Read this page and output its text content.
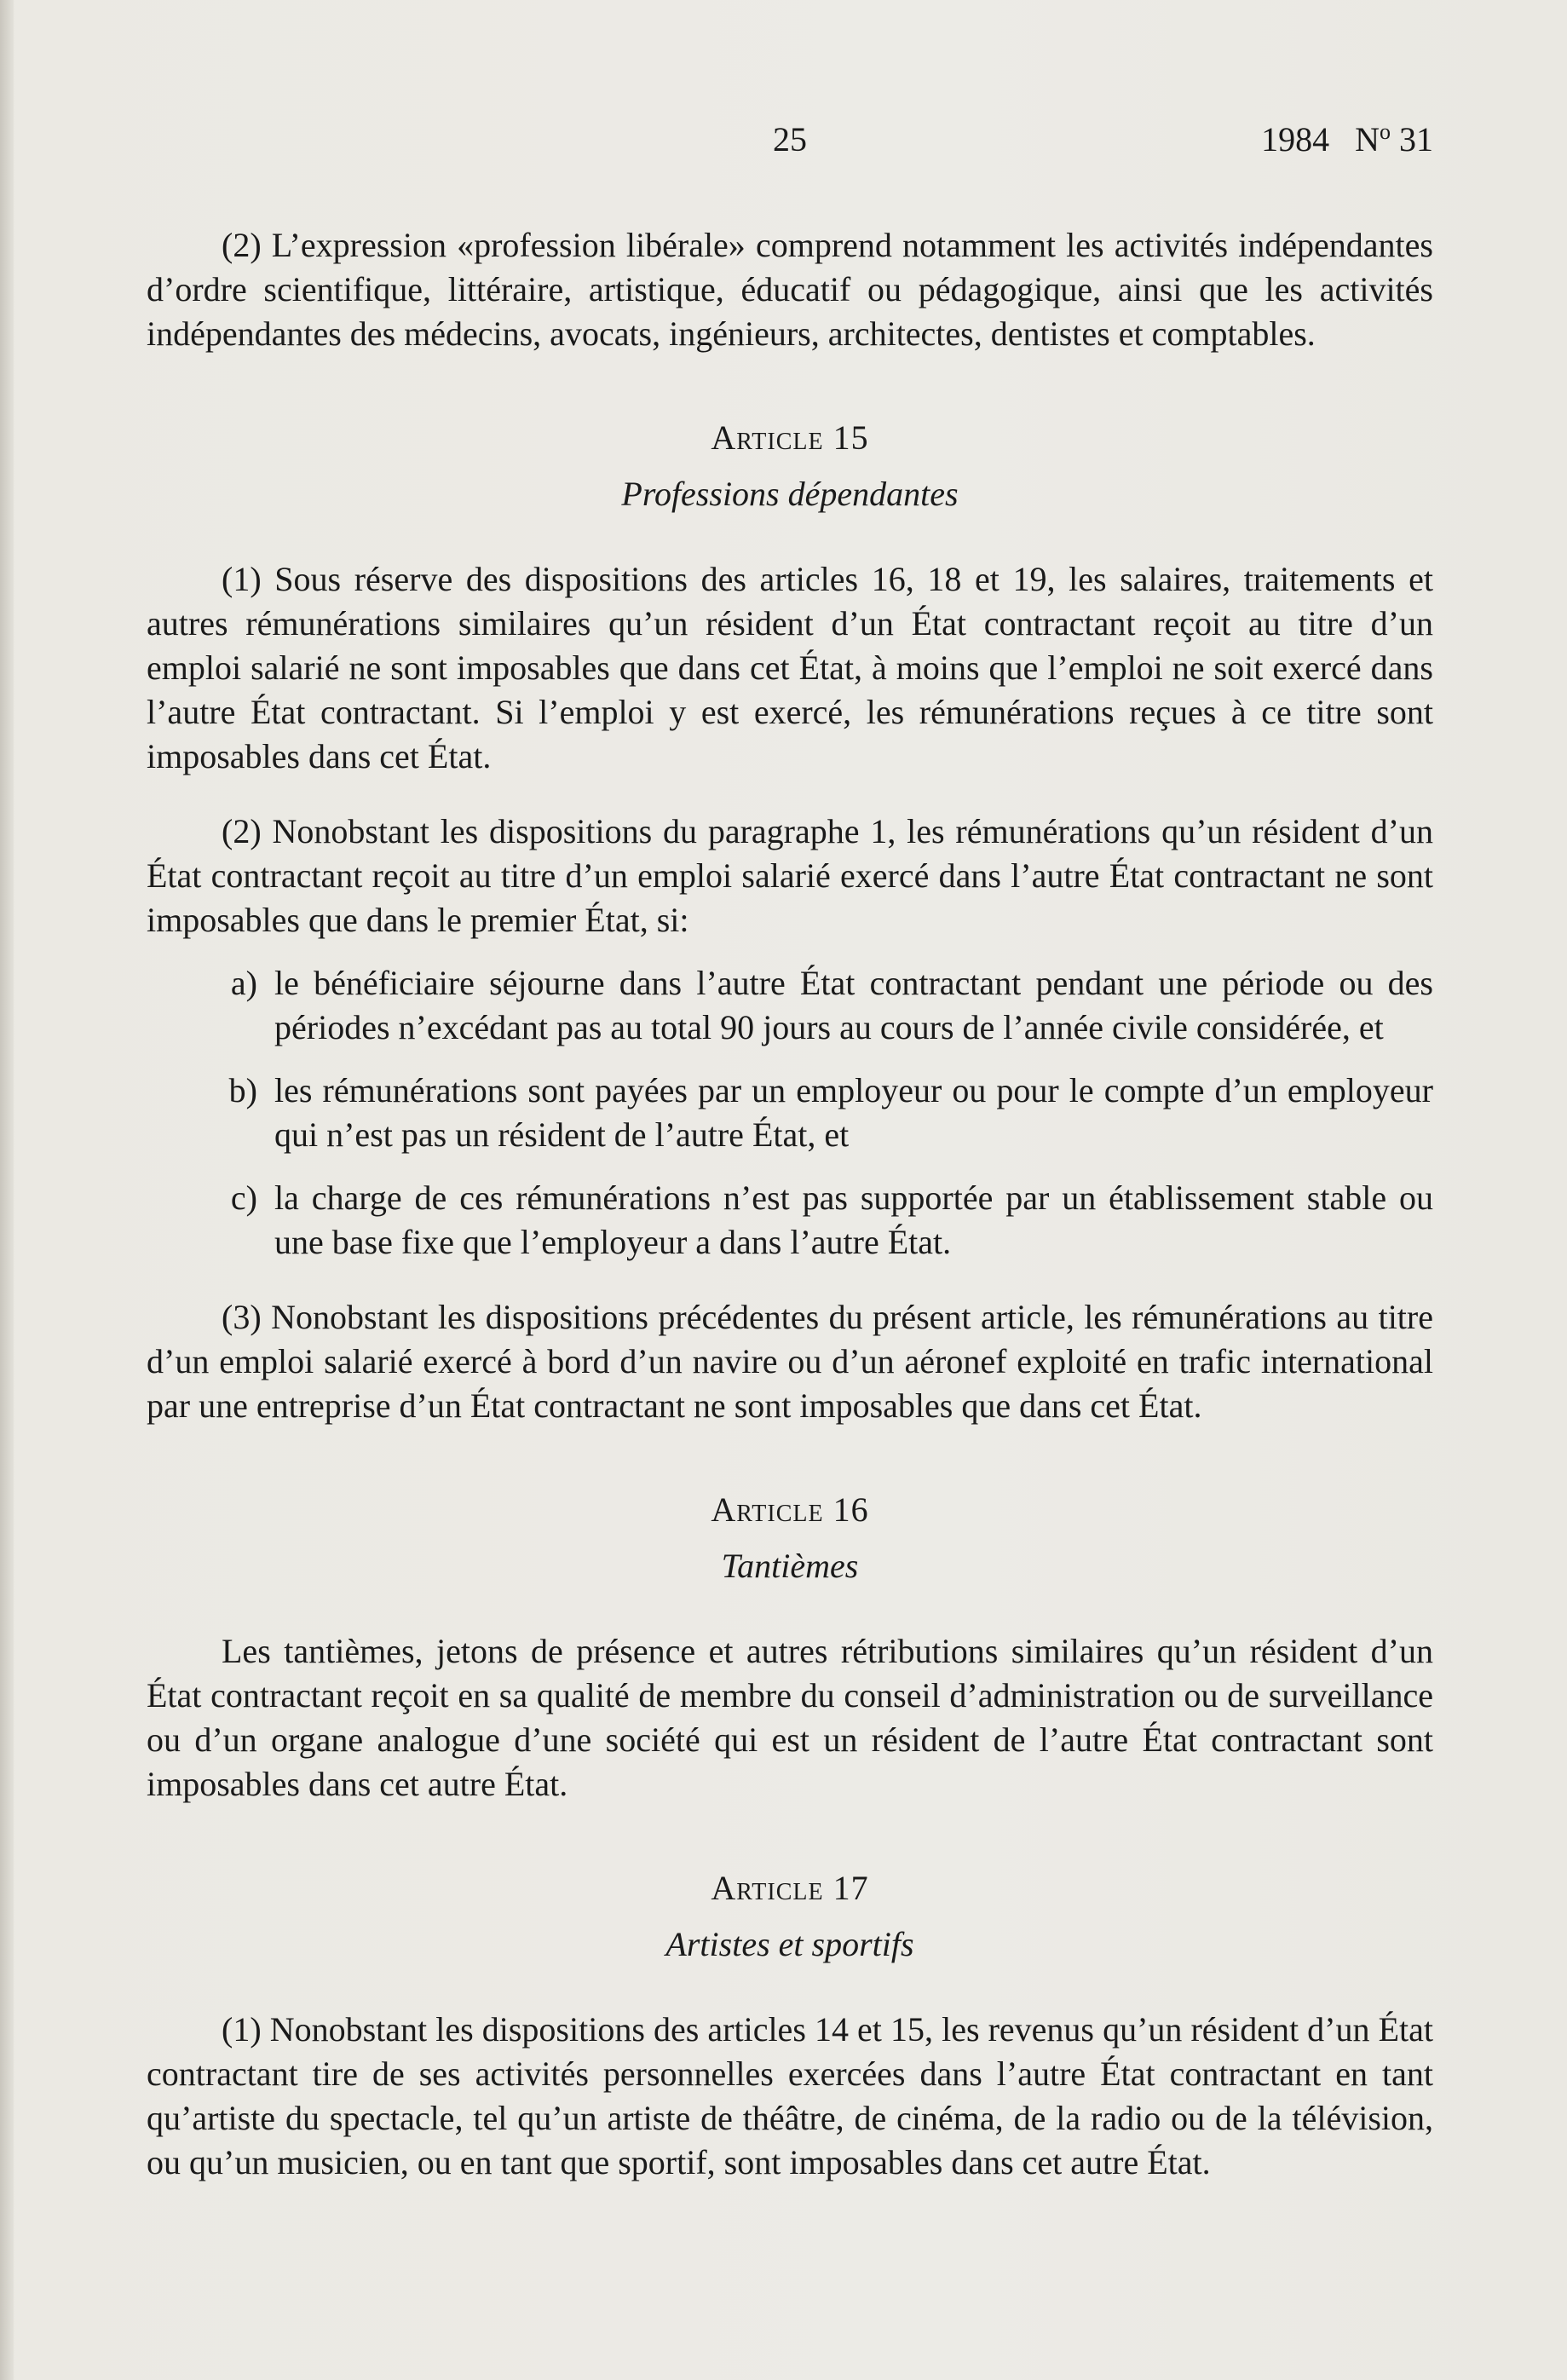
25	1984 $N^o$ 31

(2) L’expression «profession libérale» comprend notamment les activités indépendantes d’ordre scientifique, littéraire, artistique, éducatif ou pédagogique, ainsi que les activités indépendantes des médecins, avocats, ingénieurs, architectes, dentistes et comptables.

Article 15

Professions dépendantes

(1) Sous réserve des dispositions des articles 16, 18 et 19, les salaires, traitements et autres rémunérations similaires qu’un résident d’un État contractant reçoit au titre d’un emploi salarié ne sont imposables que dans cet État, à moins que l’emploi ne soit exercé dans l’autre État contractant. Si l’emploi y est exercé, les rémunérations reçues à ce titre sont imposables dans cet État.

(2) Nonobstant les dispositions du paragraphe 1, les rémunérations qu’un résident d’un État contractant reçoit au titre d’un emploi salarié exercé dans l’autre État contractant ne sont imposables que dans le premier État, si:

a) le bénéficiaire séjourne dans l’autre État contractant pendant une période ou des périodes n’excédant pas au total 90 jours au cours de l’année civile considérée, et
b) les rémunérations sont payées par un employeur ou pour le compte d’un employeur qui n’est pas un résident de l’autre État, et
c) la charge de ces rémunérations n’est pas supportée par un établissement stable ou une base fixe que l’employeur a dans l’autre État.

(3) Nonobstant les dispositions précédentes du présent article, les rémunérations au titre d’un emploi salarié exercé à bord d’un navire ou d’un aéronef exploité en trafic international par une entreprise d’un État contractant ne sont imposables que dans cet État.

Article 16

Tantièmes

Les tantièmes, jetons de présence et autres rétributions similaires qu’un résident d’un État contractant reçoit en sa qualité de membre du conseil d’administration ou de surveillance ou d’un organe analogue d’une société qui est un résident de l’autre État contractant sont imposables dans cet autre État.

Article 17

Artistes et sportifs

(1) Nonobstant les dispositions des articles 14 et 15, les revenus qu’un résident d’un État contractant tire de ses activités personnelles exercées dans l’autre État contractant en tant qu’artiste du spectacle, tel qu’un artiste de théâtre, de cinéma, de la radio ou de la télévision, ou qu’un musicien, ou en tant que sportif, sont imposables dans cet autre État.
